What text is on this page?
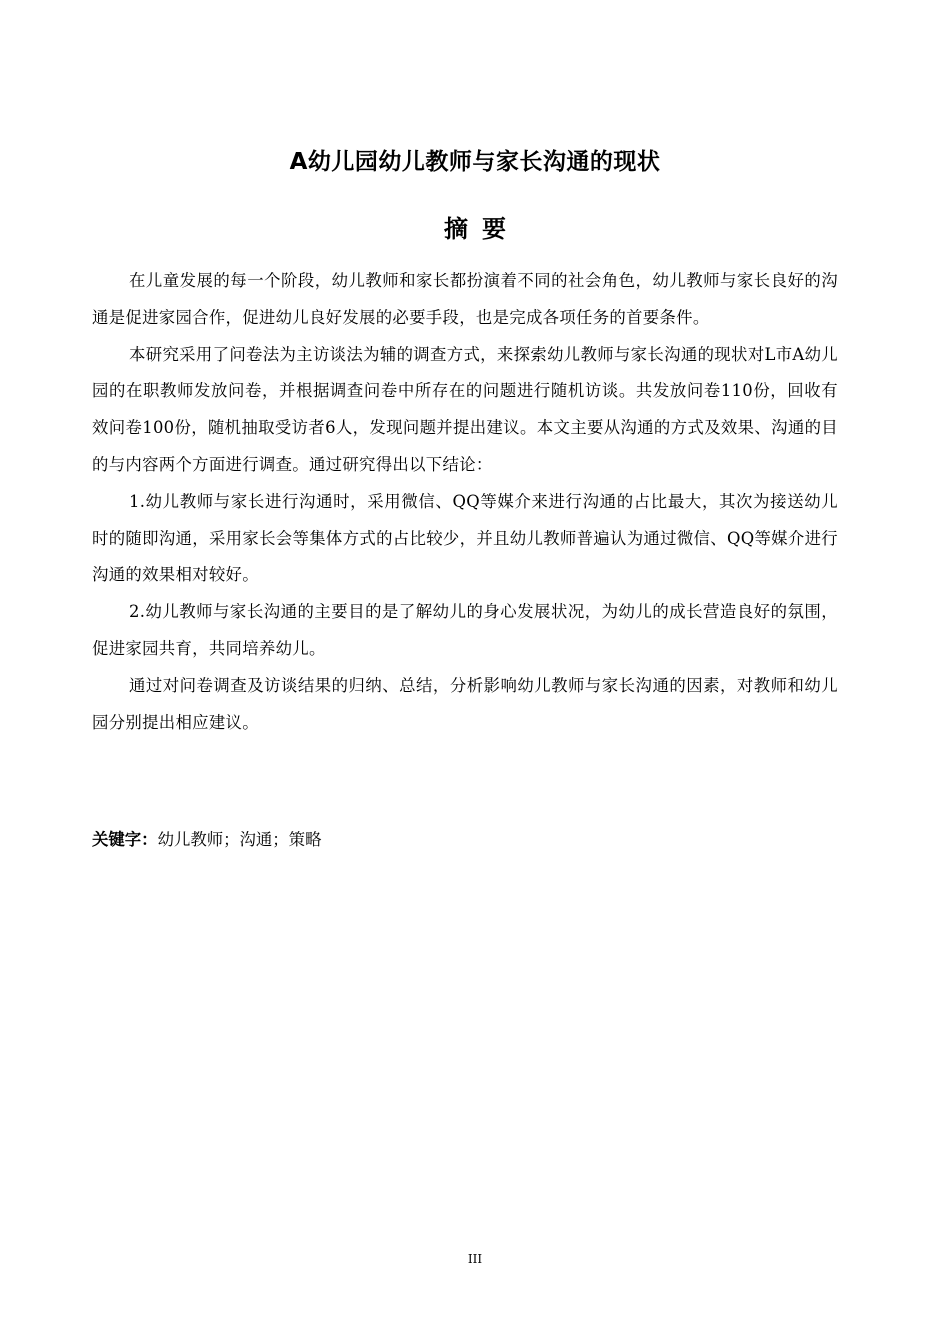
A幼儿园幼儿教师与家长沟通的现状
摘要

在儿童发展的每一个阶段，幼儿教师和家长都扮演着不同的社会角色，幼儿教师与家长良好的沟通是促进家园合作，促进幼儿良好发展的必要手段，也是完成各项任务的首要条件。

本研究采用了问卷法为主访谈法为辅的调查方式，来探索幼儿教师与家长沟通的现状对L市A幼儿园的在职教师发放问卷，并根据调查问卷中所存在的问题进行随机访谈。共发放问卷110份，回收有效问卷100份，随机抽取受访者6人，发现问题并提出建议。本文主要从沟通的方式及效果、沟通的目的与内容两个方面进行调查。通过研究得出以下结论：

1.幼儿教师与家长进行沟通时，采用微信、QQ等媒介来进行沟通的占比最大，其次为接送幼儿时的随即沟通，采用家长会等集体方式的占比较少，并且幼儿教师普遍认为通过微信、QQ等媒介进行沟通的效果相对较好。

2.幼儿教师与家长沟通的主要目的是了解幼儿的身心发展状况，为幼儿的成长营造良好的氛围，促进家园共育，共同培养幼儿。

通过对问卷调查及访谈结果的归纳、总结，分析影响幼儿教师与家长沟通的因素，对教师和幼儿园分别提出相应建议。

关键字：幼儿教师；沟通；策略
III
